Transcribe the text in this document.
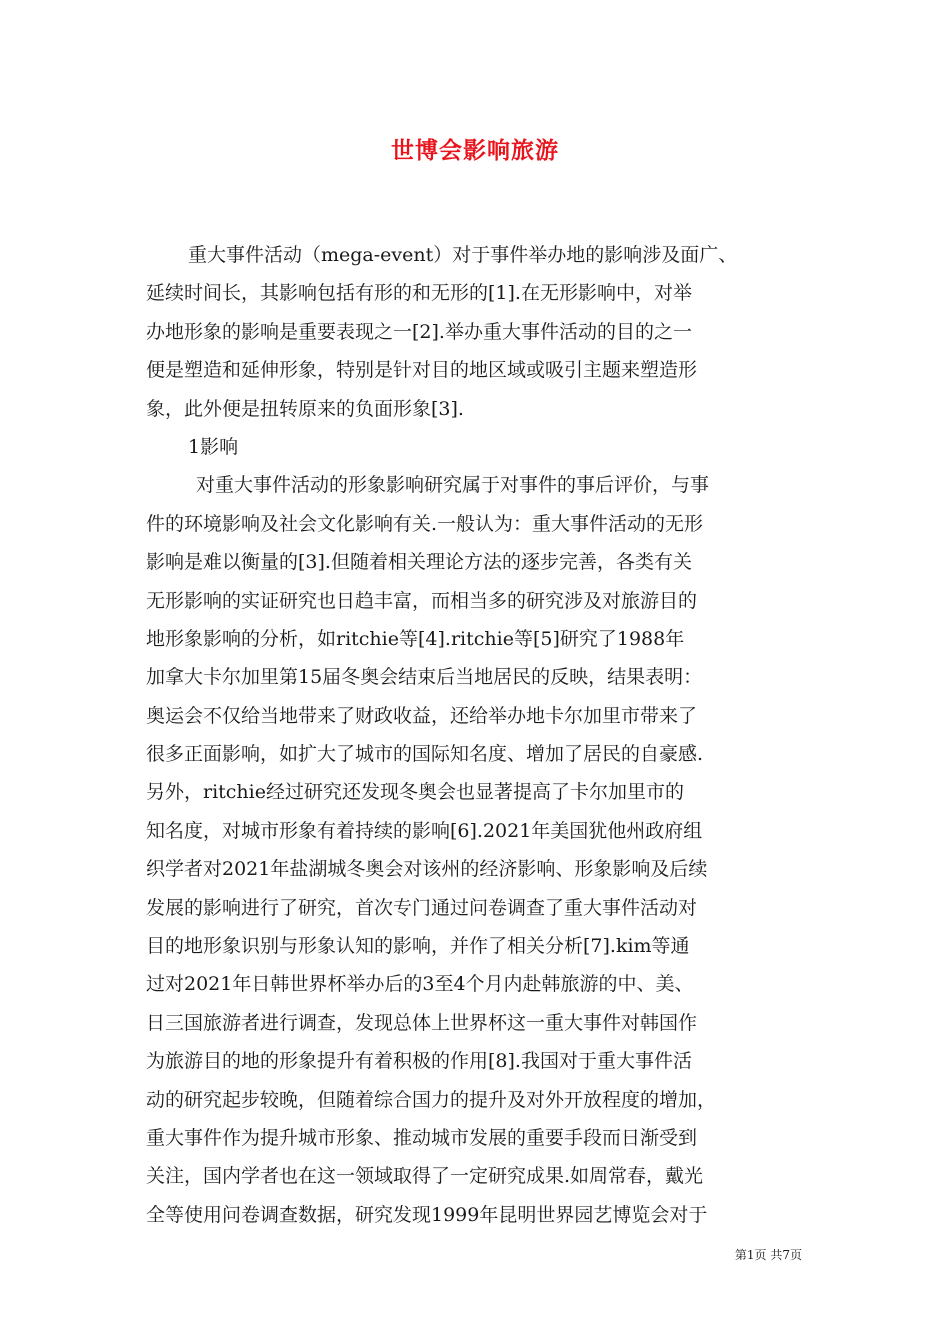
世博会影响旅游
重大事件活动（mega-event）对于事件举办地的影响涉及面广、
延续时间长，其影响包括有形的和无形的[1].在无形影响中，对举
办地形象的影响是重要表现之一[2].举办重大事件活动的目的之一
便是塑造和延伸形象，特别是针对目的地区域或吸引主题来塑造形
象，此外便是扭转原来的负面形象[3].
1影响
对重大事件活动的形象影响研究属于对事件的事后评价，与事
件的环境影响及社会文化影响有关.一般认为：重大事件活动的无形
影响是难以衡量的[3].但随着相关理论方法的逐步完善，各类有关
无形影响的实证研究也日趋丰富，而相当多的研究涉及对旅游目的
地形象影响的分析，如ritchie等[4].ritchie等[5]研究了1988年
加拿大卡尔加里第15届冬奥会结束后当地居民的反映，结果表明：
奥运会不仅给当地带来了财政收益，还给举办地卡尔加里市带来了
很多正面影响，如扩大了城市的国际知名度、增加了居民的自豪感.
另外，ritchie经过研究还发现冬奥会也显著提高了卡尔加里市的
知名度，对城市形象有着持续的影响[6].2021年美国犹他州政府组
织学者对2021年盐湖城冬奥会对该州的经济影响、形象影响及后续
发展的影响进行了研究，首次专门通过问卷调查了重大事件活动对
目的地形象识别与形象认知的影响，并作了相关分析[7].kim等通
过对2021年日韩世界杯举办后的3至4个月内赴韩旅游的中、美、
日三国旅游者进行调查，发现总体上世界杯这一重大事件对韩国作
为旅游目的地的形象提升有着积极的作用[8].我国对于重大事件活
动的研究起步较晚，但随着综合国力的提升及对外开放程度的增加，
重大事件作为提升城市形象、推动城市发展的重要手段而日渐受到
关注，国内学者也在这一领域取得了一定研究成果.如周常春，戴光
全等使用问卷调查数据，研究发现1999年昆明世界园艺博览会对于
第1页 共7页
